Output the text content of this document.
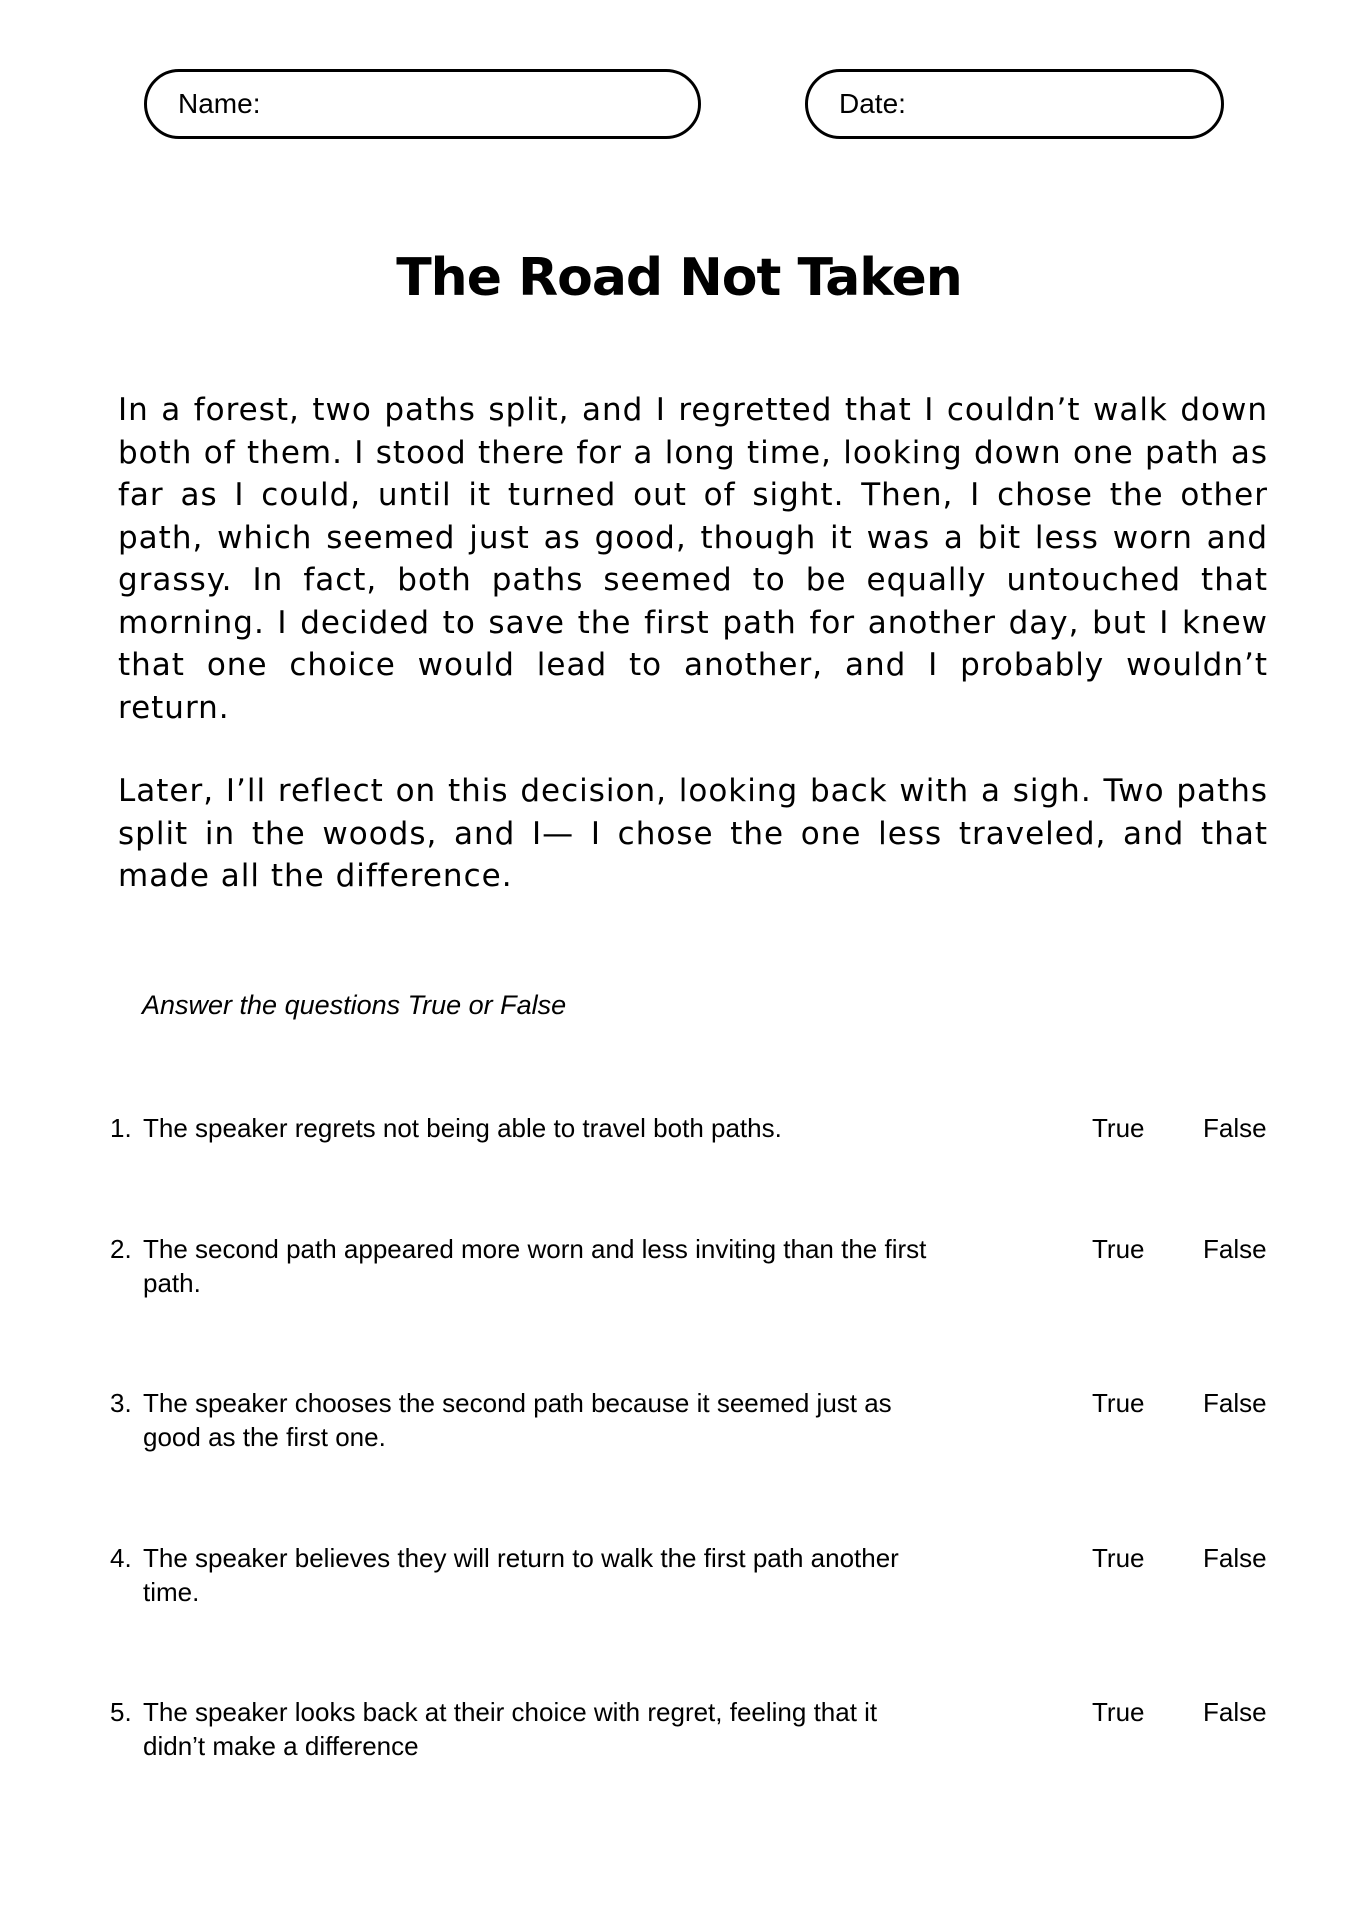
Name:	Date:
The Road Not Taken

In a forest, two paths split, and I regretted that I couldn’t walk down both of them. I stood there for a long time, looking down one path as far as I could, until it turned out of sight. Then, I chose the other path, which seemed just as good, though it was a bit less worn and grassy. In fact, both paths seemed to be equally untouched that morning. I decided to save the first path for another day, but I knew that one choice would lead to another, and I probably wouldn’t return.

Later, I’ll reflect on this decision, looking back with a sigh. Two paths split in the woods, and I— I chose the one less traveled, and that made all the difference.

Answer the questions True or False
1. The speaker regrets not being able to travel both paths.	True False
2. The second path appeared more worn and less inviting than the first path.
True False
3. The speaker chooses the second path because it seemed just as good as the first one.
True False
4. The speaker believes they will return to walk the first path another time.
True False
5. The speaker looks back at their choice with regret, feeling that it didn’t make a difference
True False
